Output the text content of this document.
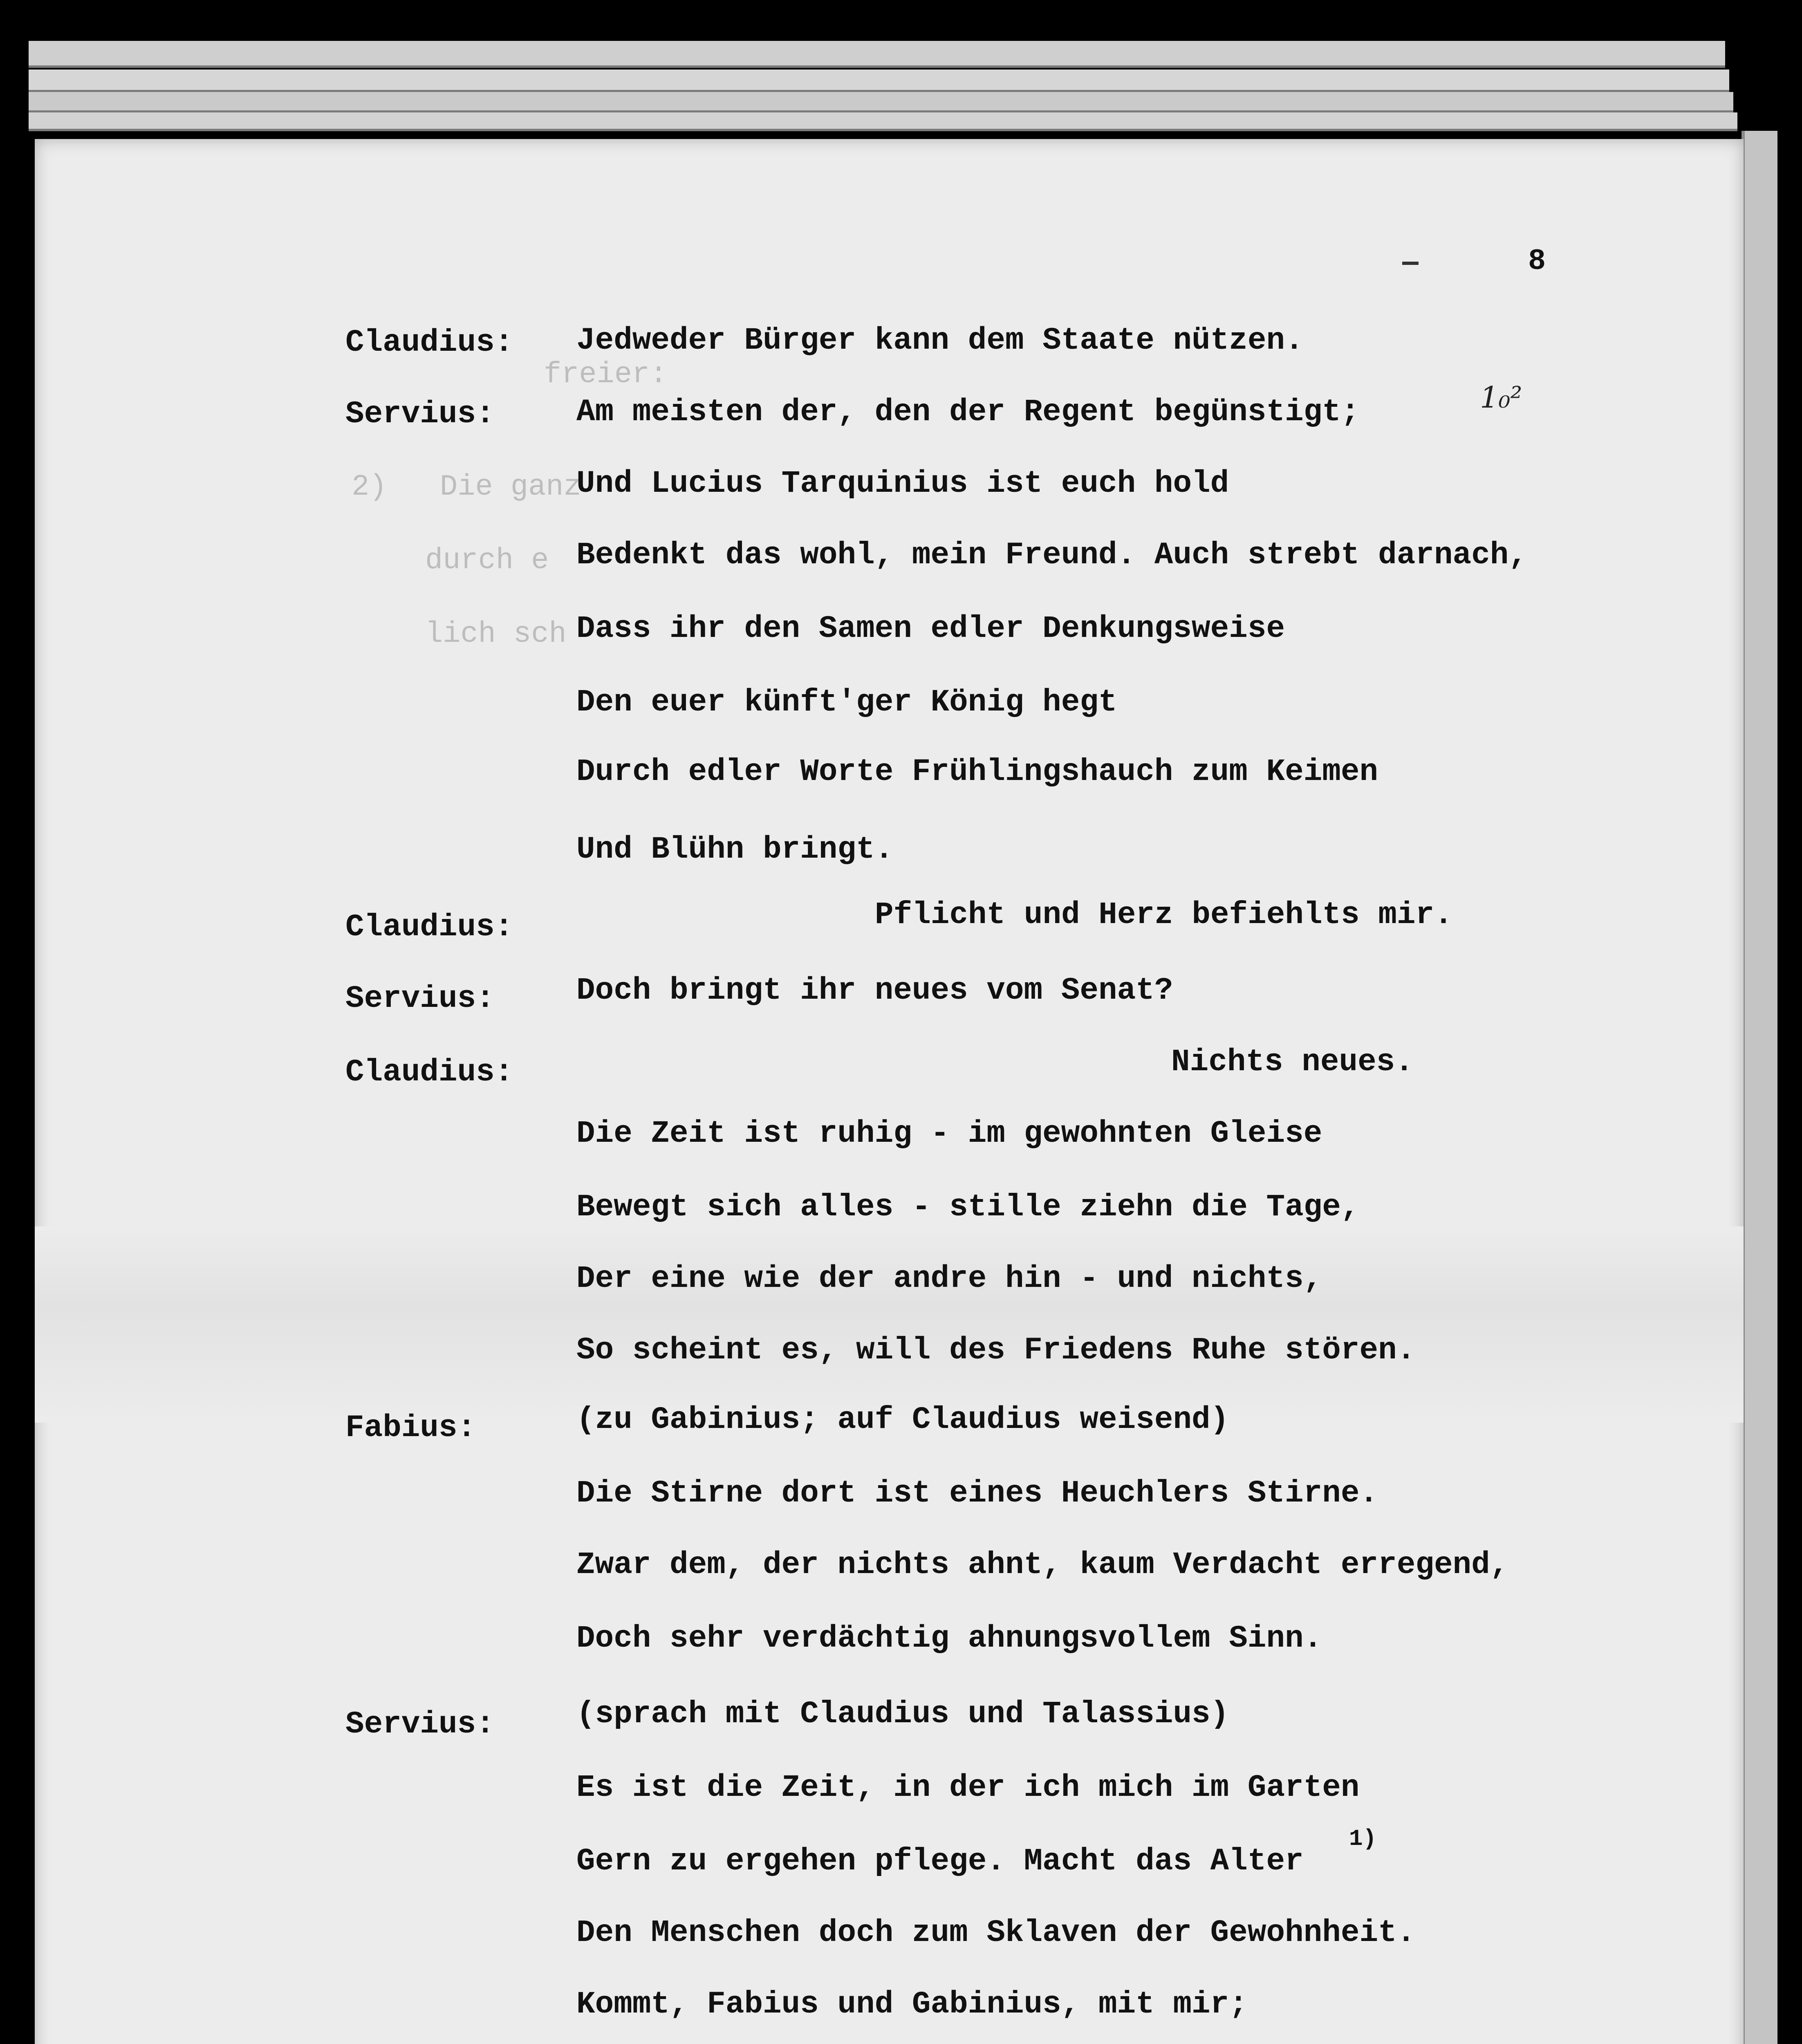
8
1₀²
freier:
2)   Die ganz
durch e
lich sch
Claudius: Jedweder Bürger kann dem Staate nützen.
Servius:	Am meisten der, den der Regent begünstigt;
Und Lucius Tarquinius ist euch hold
Bedenkt das wohl, mein Freund. Auch strebt darnach,
Dass ihr den Samen edler Denkungsweise
Den euer künft'ger König hegt
Durch edler Worte Frühlingshauch zum Keimen
Und Blühn bringt.
Claudius:	Pflicht und Herz befiehlts mir.
Servius:	Doch bringt ihr neues vom Senat?
Claudius:	Nichts neues.
Die Zeit ist ruhig - im gewohnten Gleise
Bewegt sich alles - stille ziehn die Tage,
Der eine wie der andre hin - und nichts,
So scheint es, will des Friedens Ruhe stören.
Fabius:	(zu Gabinius; auf Claudius weisend)
Die Stirne dort ist eines Heuchlers Stirne.
Zwar dem, der nichts ahnt, kaum Verdacht erregend,
Doch sehr verdächtig ahnungsvollem Sinn.
Servius:	(sprach mit Claudius und Talassius)
Es ist die Zeit, in der ich mich im Garten
Gern zu ergehen pflege. Macht das Alter
$^{1)}$
Den Menschen doch zum Sklaven der Gewohnheit.
Kommt, Fabius und Gabinius, mit mir;
